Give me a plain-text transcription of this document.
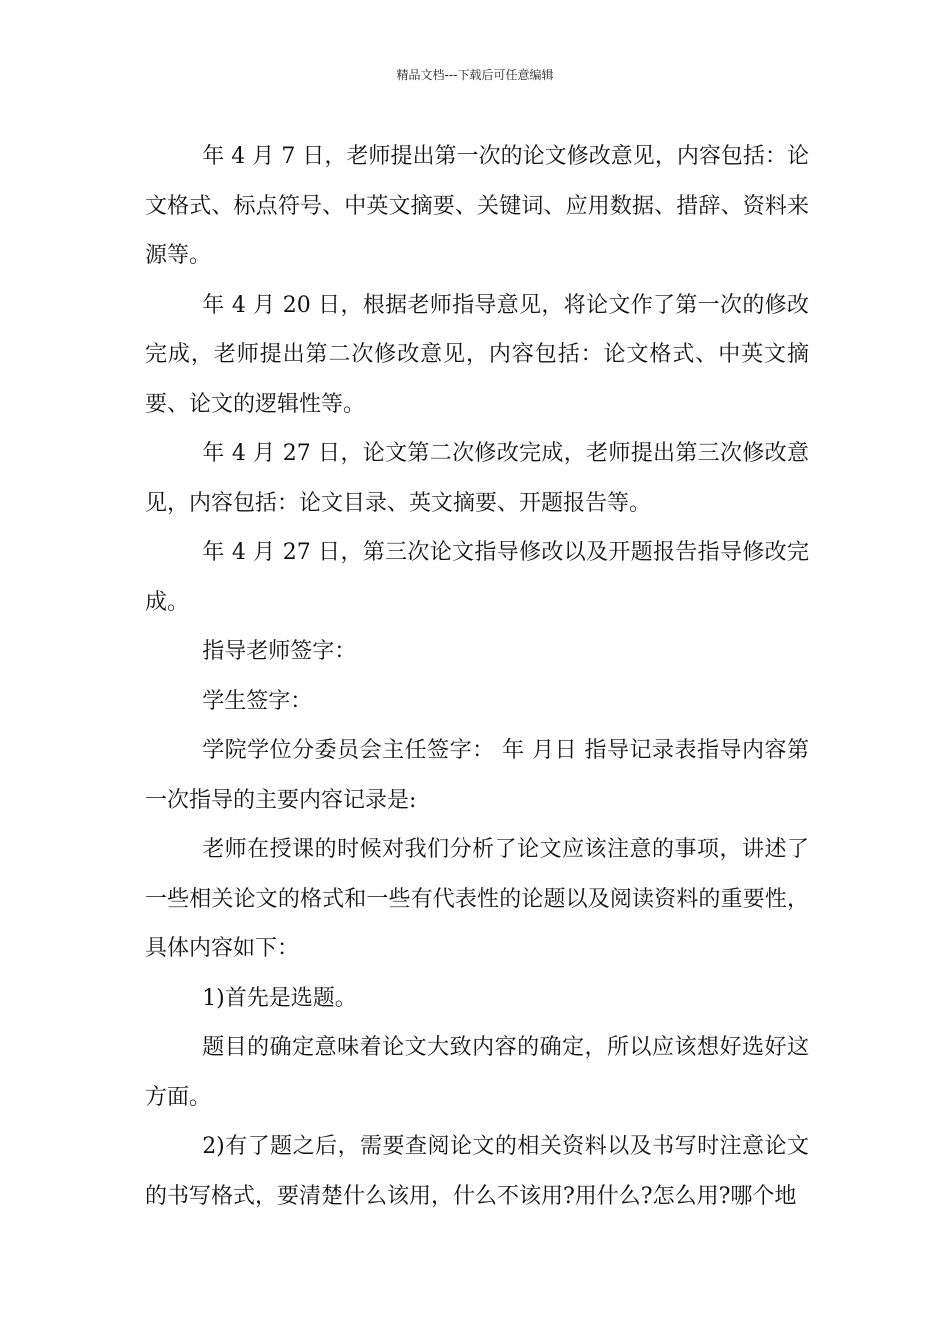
精品文档---下载后可任意编辑

年 4 月 7 日，老师提出第一次的论文修改意见，内容包括：论文格式、标点符号、中英文摘要、关键词、应用数据、措辞、资料来源等。

年 4 月 20 日，根据老师指导意见，将论文作了第一次的修改完成，老师提出第二次修改意见，内容包括：论文格式、中英文摘要、论文的逻辑性等。

年 4 月 27 日，论文第二次修改完成，老师提出第三次修改意见，内容包括：论文目录、英文摘要、开题报告等。

年 4 月 27 日，第三次论文指导修改以及开题报告指导修改完成。

指导老师签字：

学生签字：

学院学位分委员会主任签字： 年 月日 指导记录表指导内容第一次指导的主要内容记录是:

老师在授课的时候对我们分析了论文应该注意的事项，讲述了一些相关论文的格式和一些有代表性的论题以及阅读资料的重要性，具体内容如下：

1)首先是选题。

题目的确定意味着论文大致内容的确定，所以应该想好选好这方面。

2)有了题之后，需要查阅论文的相关资料以及书写时注意论文的书写格式，要清楚什么该用，什么不该用?用什么?怎么用?哪个地
